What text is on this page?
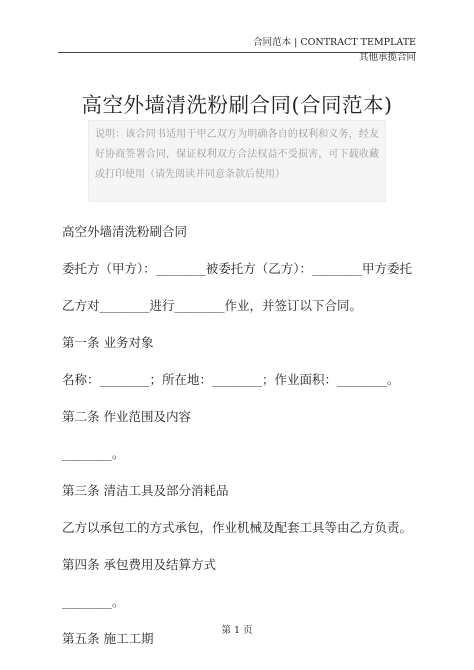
合同范本 | CONTRACT TEMPLATE
其他承揽合同
高空外墙清洗粉刷合同(合同范本)
说明：该合同书适用于甲乙双方为明确各自的权利和义务，经友好协商签署合同，保证权利双方合法权益不受损害，可下载收藏或打印使用（请先阅读并同意条款后使用）

高空外墙清洗粉刷合同

委托方（甲方）：________被委托方（乙方）：________甲方委托

乙方对________进行________作业，并签订以下合同。

第一条 业务对象

名称：________；所在地：________；作业面积：________。

第二条 作业范围及内容

________。

第三条 清洁工具及部分消耗品

乙方以承包工的方式承包，作业机械及配套工具等由乙方负责。

第四条 承包费用及结算方式

________。

第五条 施工工期

第 1 页
